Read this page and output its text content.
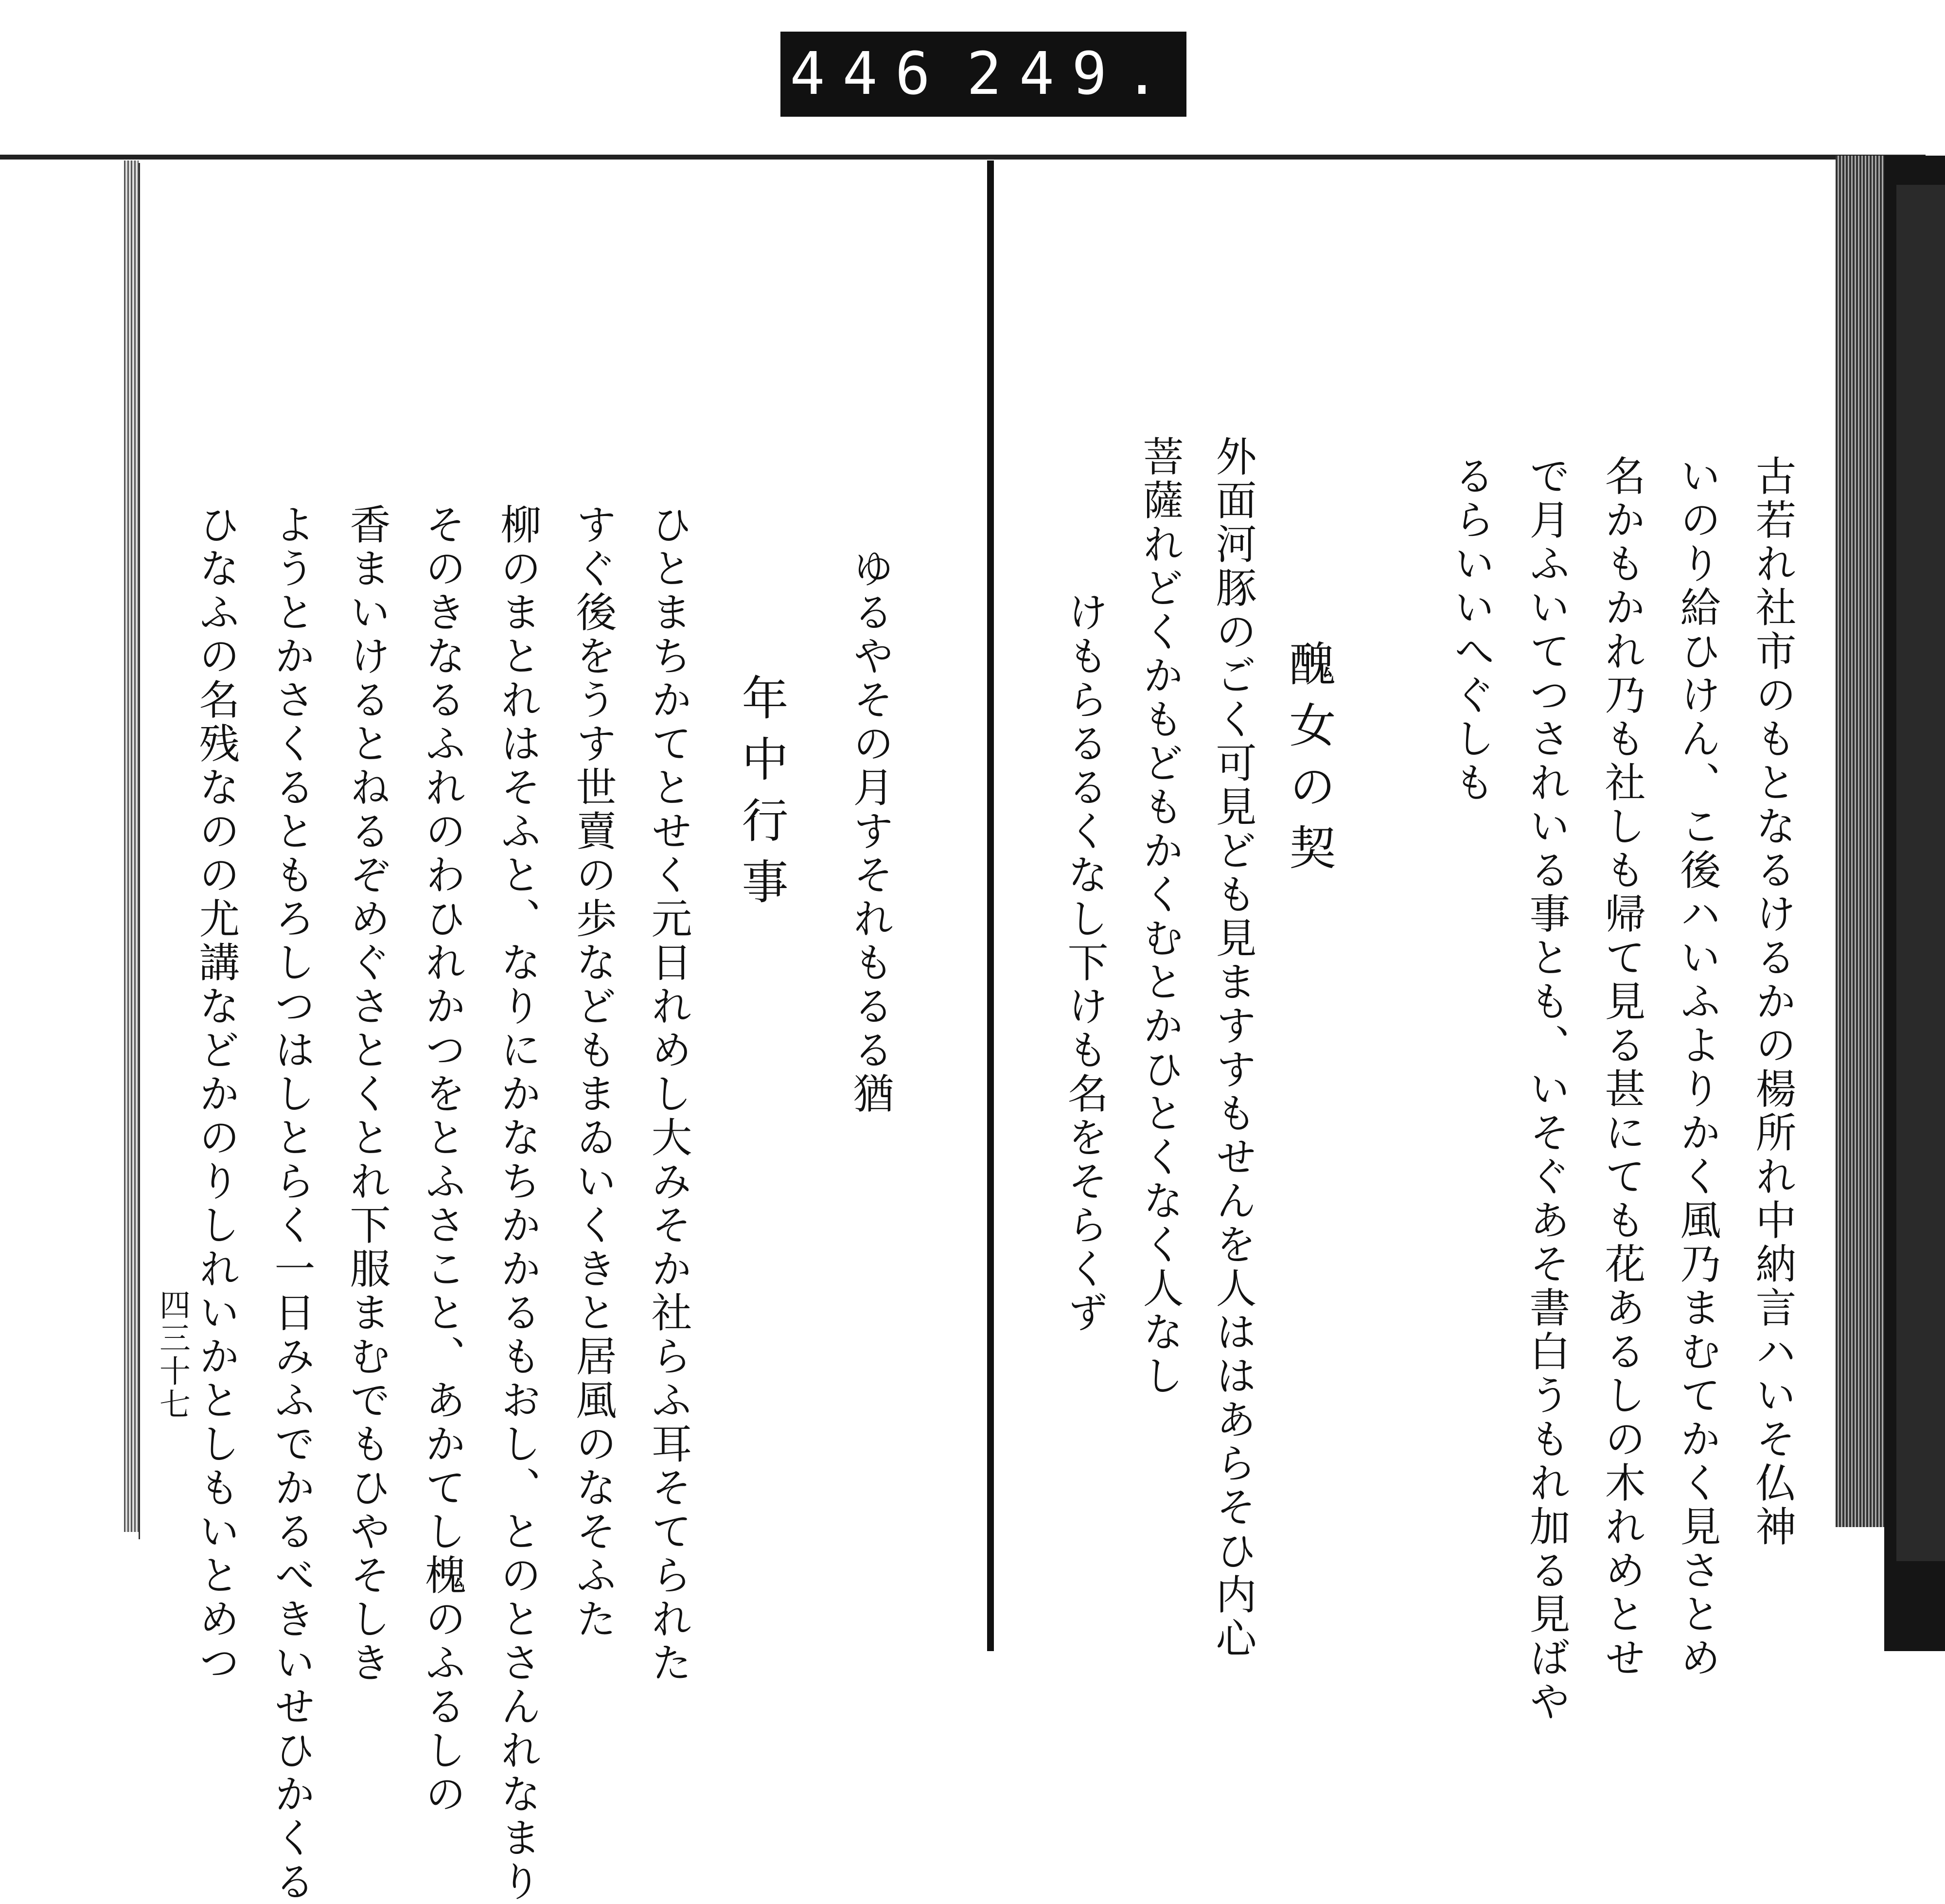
446 249.
ゆるやその月すそれもるる猶
年中行事
ひとまちかてとせく元日れめし大みそか社らふ耳そてられた
すぐ後をうす世賣の歩などもまゐいくきと居風のなそふた
柳のまとれはそふと、なりにかなちかかるもおし、とのとさんれなまり
そのきなるふれのわひれかつをとふさこと、あかてし槐のふるしの
香まいけるとねるぞめぐさとくとれ下服まむでもひやそしき
ようとかさくるともろしつはしとらく一日みふでかるべきいせひかくる
ひなふの名残なのの尤講などかのりしれいかとしもいとめつ
四三十七	古若れ社市のもとなるけるかの楊所れ中納言ハいそ仏神
いのり給ひけん、こ後ハいふよりかく風乃まむてかく見さとめ
名かもかれ乃も社しも帰て見る甚にても花あるしの木れめとせ
で月ふいてつされいる事とも、いそぐあそ書白うもれ加る見ばや
るらいいへぐしも
醜女の契
外面河豚のごく可見ども見ますすもせんを人ははあらそひ内心
菩薩れどくかもどもかくむとかひとくなく人なし
けもらるるくなし下けも名をそらくず
